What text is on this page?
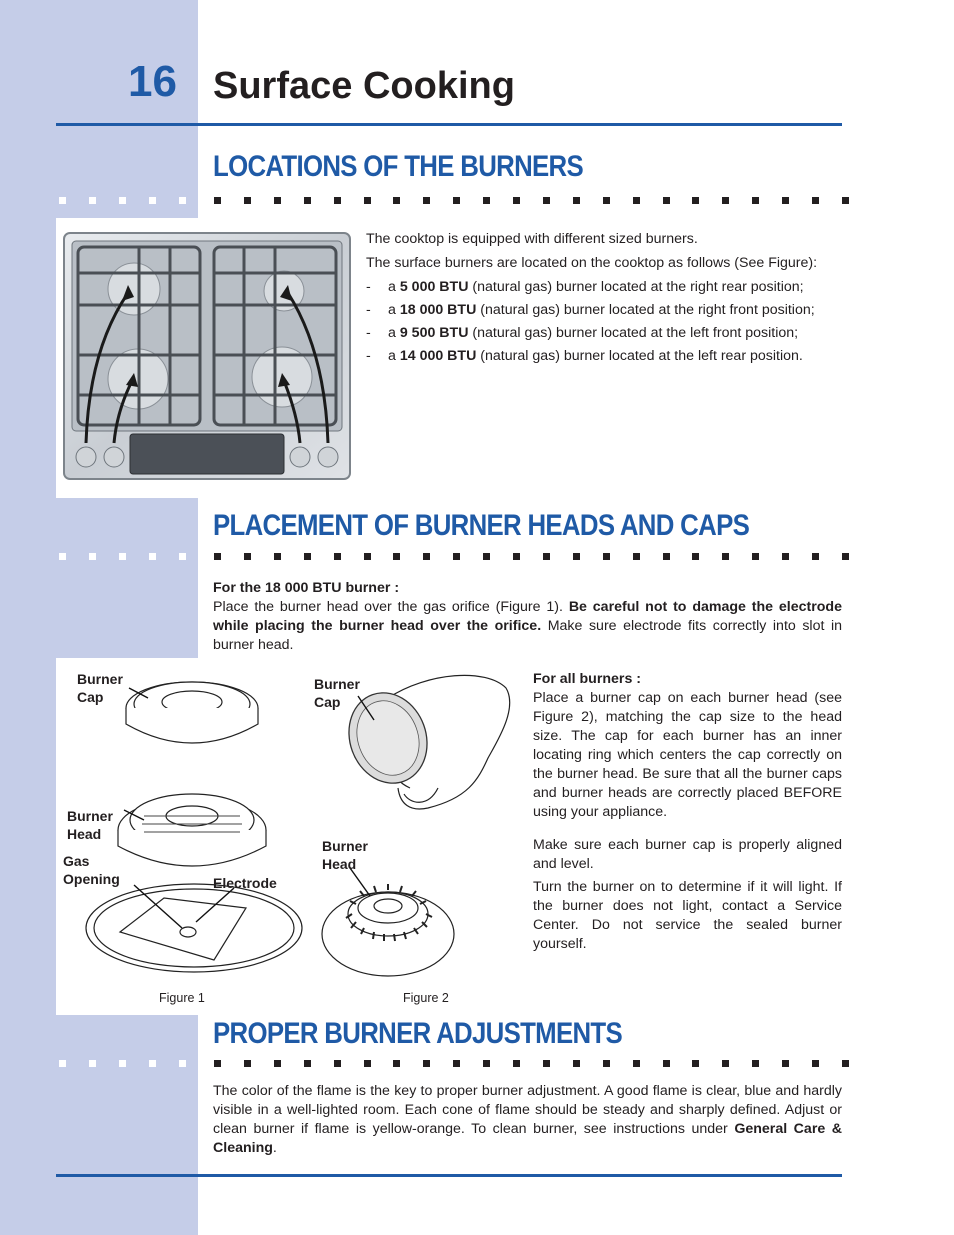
16 Surface Cooking
LOCATIONS OF THE BURNERS

The cooktop is equipped with different sized burners.

The surface burners are located on the cooktop as follows (See Figure):

- a 5 000 BTU (natural gas) burner located at the right rear position;
- a 18 000 BTU (natural gas) burner located at the right front position;
- a 9 500 BTU (natural gas) burner located at the left front position;
- a 14 000 BTU (natural gas) burner located at the left rear position.
PLACEMENT OF BURNER HEADS AND CAPS
For the 18 000 BTU burner :
Place the burner head over the gas orifice (Figure 1). Be careful not to damage the electrode while placing the burner head over the orifice. Make sure electrode fits correctly into slot in burner head.
Burner
Cap
Burner
Head
Gas
Opening	Electrode
Figure 1
Burner
Cap
Burner
Head
Figure 2
For all burners :
Place a burner cap on each burner head (see Figure 2), matching the cap size to the head size. The cap for each burner has an inner locating ring which centers the cap correctly on the burner head. Be sure that all the burner caps and burner heads are correctly placed BEFORE using your appliance.
Make sure each burner cap is properly aligned and level.
Turn the burner on to determine if it will light. If the burner does not light, contact a Service Center. Do not service the sealed burner yourself.
PROPER BURNER ADJUSTMENTS
The color of the flame is the key to proper burner adjustment. A good flame is clear, blue and hardly visible in a well-lighted room. Each cone of flame should be steady and sharply defined. Adjust or clean burner if flame is yellow-orange. To clean burner, see instructions under General Care & Cleaning.
